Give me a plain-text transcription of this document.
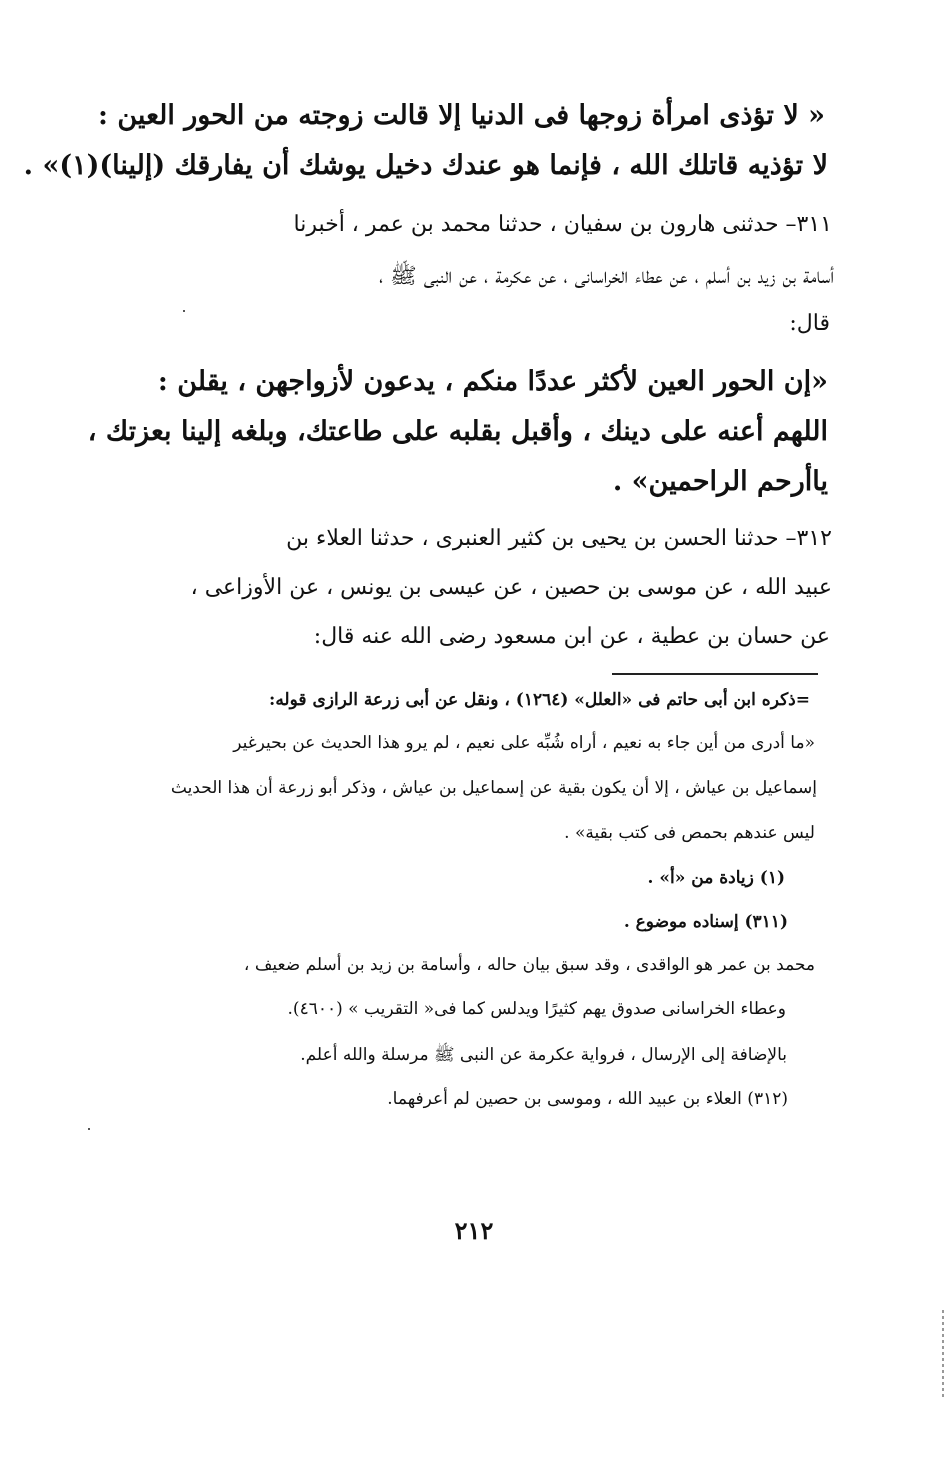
« لا تؤذى امرأة زوجها فى الدنيا إلا قالت زوجته من الحور العين :
لا تؤذيه قاتلك الله ، فإنما هو عندك دخيل يوشك أن يفارقك (إلينا)(١)» .
٣١١– حدثنى هارون بن سفيان ، حدثنا محمد بن عمر ، أخبرنا
أسامة بن زيد بن أسلم ، عن عطاء الخراسانى ، عن عكرمة ، عن النبى ﷺ ،
قال:
«إن الحور العين لأكثر عددًا منكم ، يدعون لأزواجهن ، يقلن :
اللهم أعنه على دينك ، وأقبل بقلبه على طاعتك، وبلغه إلينا بعزتك ،
ياأرحم الراحمين» .
٣١٢– حدثنا الحسن بن يحيى بن كثير العنبرى ، حدثنا العلاء بن
عبيد الله ، عن موسى بن حصين ، عن عيسى بن يونس ، عن الأوزاعى ،
عن حسان بن عطية ، عن ابن مسعود رضى الله عنه قال:
=ذكره ابن أبى حاتم فى «العلل» (١٢٦٤) ، ونقل عن أبى زرعة الرازى قوله:
«ما أدرى من أين جاء به نعيم ، أراه شُبِّه على نعيم ، لم يرو هذا الحديث عن بحيرغير
إسماعيل بن عياش ، إلا أن يكون بقية عن إسماعيل بن عياش ، وذكر أبو زرعة أن هذا الحديث
ليس عندهم بحمص فى كتب بقية» .
(١) زيادة من «أ» .
(٣١١) إسناده موضوع .
محمد بن عمر هو الواقدى ، وقد سبق بيان حاله ، وأسامة بن زيد بن أسلم ضعيف ،
وعطاء الخراسانى صدوق يهم كثيرًا ويدلس كما فى« التقريب » (٤٦٠٠).
بالإضافة إلى الإرسال ، فرواية عكرمة عن النبى ﷺ مرسلة والله أعلم.
(٣١٢) العلاء بن عبيد الله ، وموسى بن حصين لم أعرفهما.
٢١٢
